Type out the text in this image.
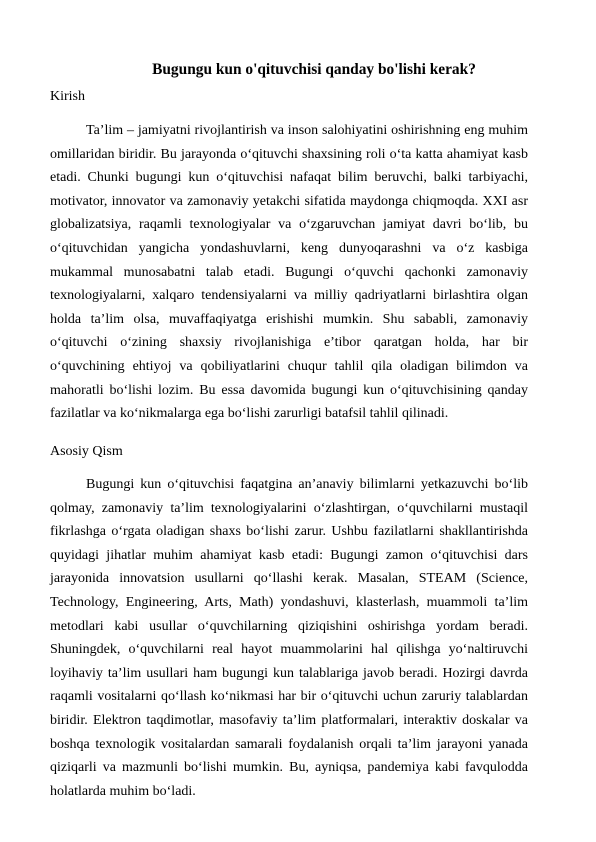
Bugungu kun o'qituvchisi qanday bo'lishi kerak?
Kirish

Ta’lim – jamiyatni rivojlantirish va inson salohiyatini oshirishning eng muhim omillaridan biridir. Bu jarayonda o‘qituvchi shaxsining roli o‘ta katta ahamiyat kasb etadi. Chunki bugungi kun o‘qituvchisi nafaqat bilim beruvchi, balki tarbiyachi, motivator, innovator va zamonaviy yetakchi sifatida maydonga chiqmoqda. XXI asr globalizatsiya, raqamli texnologiyalar va o‘zgaruvchan jamiyat davri bo‘lib, bu o‘qituvchidan yangicha yondashuvlarni, keng dunyoqarashni va o‘z kasbiga mukammal munosabatni talab etadi. Bugungi o‘quvchi qachonki zamonaviy texnologiyalarni, xalqaro tendensiyalarni va milliy qadriyatlarni birlashtira olgan holda ta’lim olsa, muvaffaqiyatga erishishi mumkin. Shu sababli, zamonaviy o‘qituvchi o‘zining shaxsiy rivojlanishiga e’tibor qaratgan holda, har bir o‘quvchining ehtiyoj va qobiliyatlarini chuqur tahlil qila oladigan bilimdon va mahoratli bo‘lishi lozim. Bu essa davomida bugungi kun o‘qituvchisining qanday fazilatlar va ko‘nikmalarga ega bo‘lishi zarurligi batafsil tahlil qilinadi.

Asosiy Qism

Bugungi kun o‘qituvchisi faqatgina an’anaviy bilimlarni yetkazuvchi bo‘lib qolmay, zamonaviy ta’lim texnologiyalarini o‘zlashtirgan, o‘quvchilarni mustaqil fikrlashga o‘rgata oladigan shaxs bo‘lishi zarur. Ushbu fazilatlarni shakllantirishda quyidagi jihatlar muhim ahamiyat kasb etadi: Bugungi zamon o‘qituvchisi dars jarayonida innovatsion usullarni qo‘llashi kerak. Masalan, STEAM (Science, Technology, Engineering, Arts, Math) yondashuvi, klasterlash, muammoli ta’lim metodlari kabi usullar o‘quvchilarning qiziqishini oshirishga yordam beradi. Shuningdek, o‘quvchilarni real hayot muammolarini hal qilishga yo‘naltiruvchi loyihaviy ta’lim usullari ham bugungi kun talablariga javob beradi. Hozirgi davrda raqamli vositalarni qo‘llash ko‘nikmasi har bir o‘qituvchi uchun zaruriy talablardan biridir. Elektron taqdimotlar, masofaviy ta’lim platformalari, interaktiv doskalar va boshqa texnologik vositalardan samarali foydalanish orqali ta’lim jarayoni yanada qiziqarli va mazmunli bo‘lishi mumkin. Bu, ayniqsa, pandemiya kabi favqulodda holatlarda muhim bo‘ladi.
